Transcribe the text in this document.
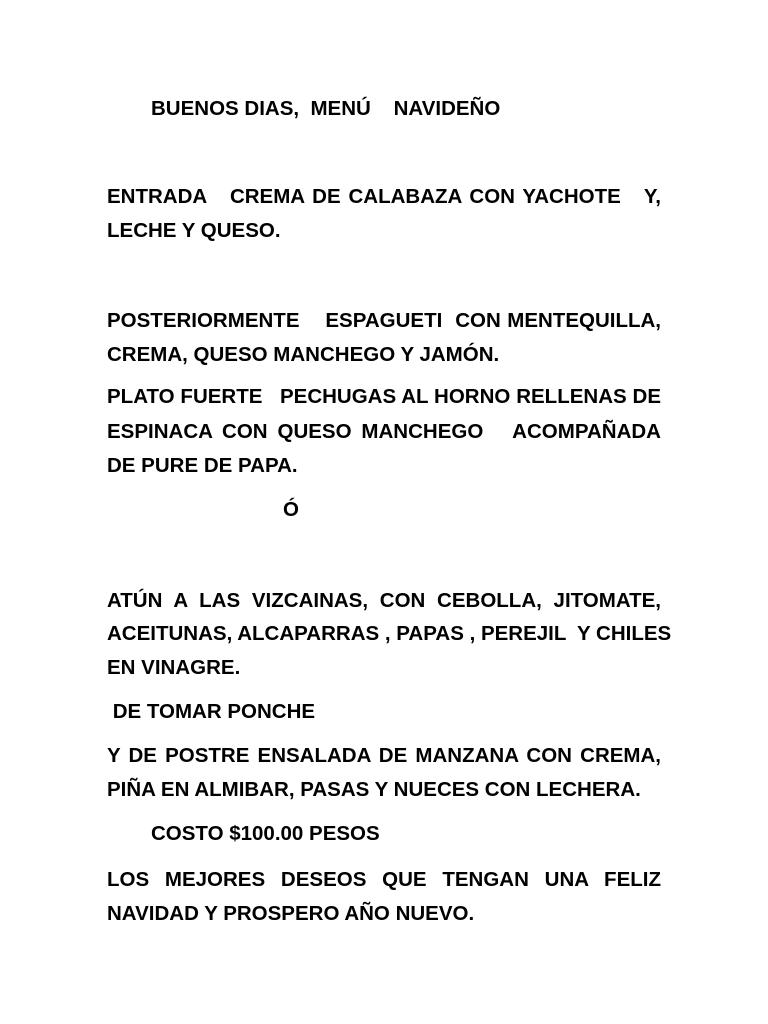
BUENOS DIAS,  MENÚ    NAVIDEÑO
ENTRADA   CREMA DE CALABAZA CON YACHOTE   Y,
LECHE Y QUESO.
POSTERIORMENTE    ESPAGUETI  CON MENTEQUILLA,
CREMA, QUESO MANCHEGO Y JAMÓN.
PLATO FUERTE   PECHUGAS AL HORNO RELLENAS DE
ESPINACA CON QUESO MANCHEGO   ACOMPAÑADA
DE PURE DE PAPA.
Ó
ATÚN A LAS VIZCAINAS, CON CEBOLLA, JITOMATE,
ACEITUNAS, ALCAPARRAS , PAPAS , PEREJIL  Y CHILES
EN VINAGRE.
DE TOMAR PONCHE
Y DE POSTRE ENSALADA DE MANZANA CON CREMA,
PIÑA EN ALMIBAR, PASAS Y NUECES CON LECHERA.
COSTO $100.00 PESOS
LOS MEJORES DESEOS QUE TENGAN UNA FELIZ
NAVIDAD Y PROSPERO AÑO NUEVO.
